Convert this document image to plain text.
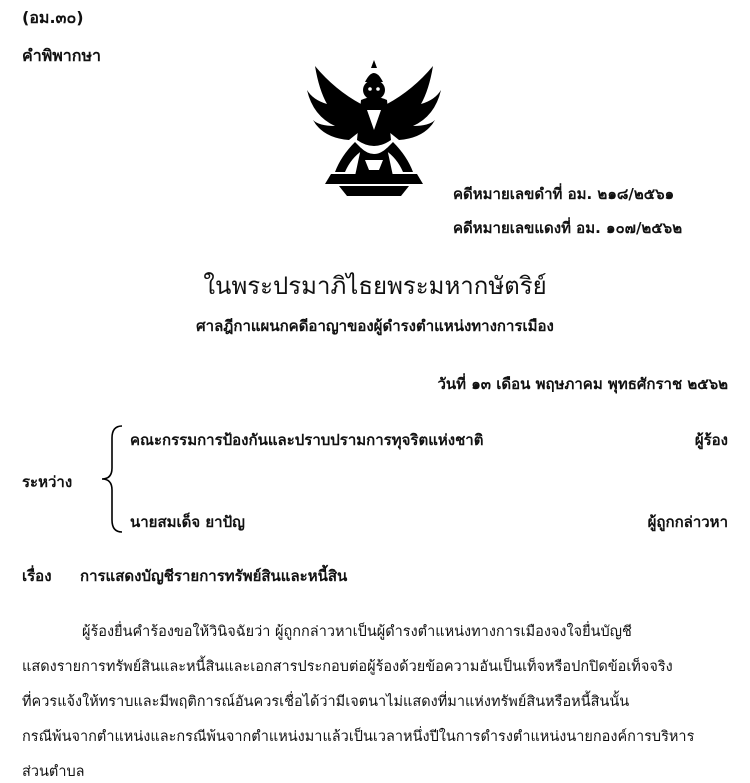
(อม.๓๐)
คำพิพากษา
คดีหมายเลขดำที่ อม. ๒๑๘/๒๕๖๑
คดีหมายเลขแดงที่ อม. ๑๐๗/๒๕๖๒
ในพระปรมาภิไธยพระมหากษัตริย์
ศาลฎีกาแผนกคดีอาญาของผู้ดำรงตำแหน่งทางการเมือง
วันที่ ๑๓ เดือน พฤษภาคม พุทธศักราช ๒๕๖๒
ระหว่าง
คณะกรรมการป้องกันและปราบปรามการทุจริตแห่งชาติ	ผู้ร้อง
นายสมเด็จ ยาปัญ	ผู้ถูกกล่าวหา
เรื่อง การแสดงบัญชีรายการทรัพย์สินและหนี้สิน
ผู้ร้องยื่นคำร้องขอให้วินิจฉัยว่า ผู้ถูกกล่าวหาเป็นผู้ดำรงตำแหน่งทางการเมืองจงใจยื่นบัญชี
แสดงรายการทรัพย์สินและหนี้สินและเอกสารประกอบต่อผู้ร้องด้วยข้อความอันเป็นเท็จหรือปกปิดข้อเท็จจริง
ที่ควรแจ้งให้ทราบและมีพฤติการณ์อันควรเชื่อได้ว่ามีเจตนาไม่แสดงที่มาแห่งทรัพย์สินหรือหนี้สินนั้น
กรณีพ้นจากตำแหน่งและกรณีพ้นจากตำแหน่งมาแล้วเป็นเวลาหนึ่งปีในการดำรงตำแหน่งนายกองค์การบริหาร
ส่วนตำบล
